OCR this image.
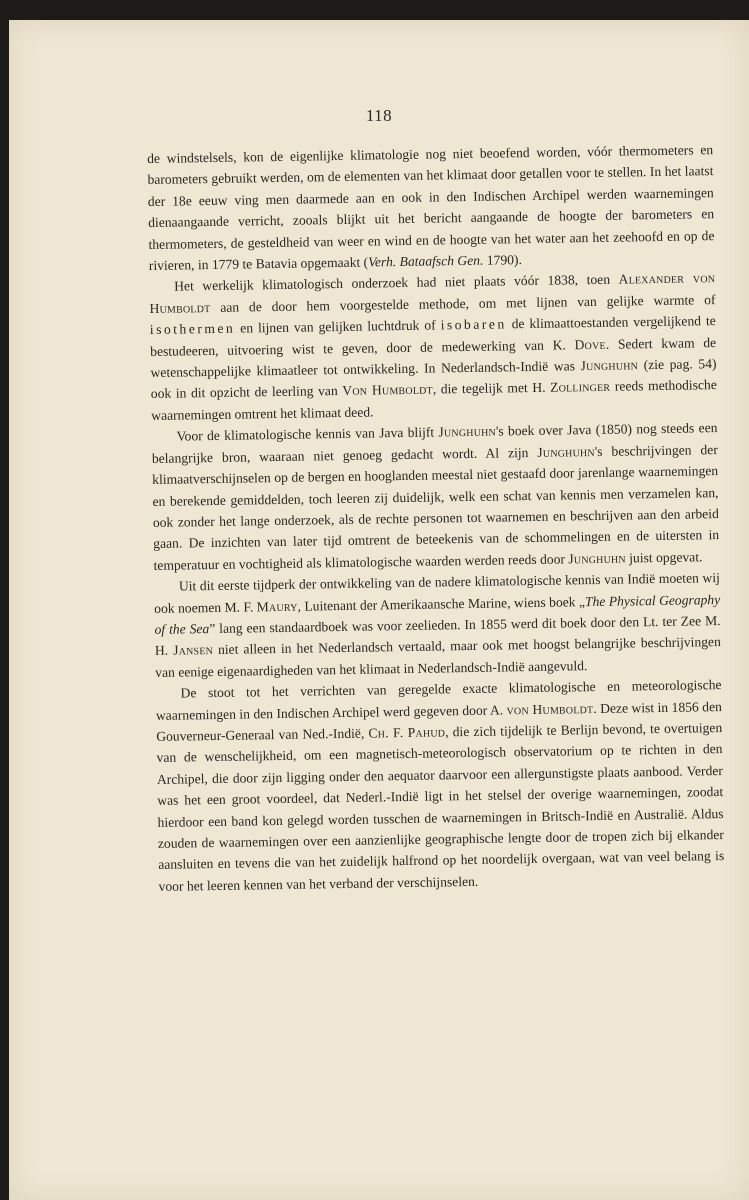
118

de windstelsels, kon de eigenlijke klimatologie nog niet beoefend worden, vóór thermometers en barometers gebruikt werden, om de elementen van het klimaat door getallen voor te stellen. In het laatst der 18e eeuw ving men daarmede aan en ook in den Indischen Archipel werden waarnemingen dienaangaande verricht, zooals blijkt uit het bericht aangaande de hoogte der barometers en thermometers, de gesteldheid van weer en wind en de hoogte van het water aan het zeehoofd en op de rivieren, in 1779 te Batavia opgemaakt (Verh. Bataafsch Gen. 1790).

Het werkelijk klimatologisch onderzoek had niet plaats vóór 1838, toen Alexander von Humboldt aan de door hem voorgestelde methode, om met lijnen van gelijke warmte of isothermen en lijnen van gelijken luchtdruk of isobaren de klimaattoestanden vergelijkend te bestudeeren, uitvoering wist te geven, door de medewerking van K. Dove. Sedert kwam de wetenschappelijke klimaatleer tot ontwikkeling. In Nederlandsch-Indië was Junghuhn (zie pag. 54) ook in dit opzicht de leerling van Von Humboldt, die tegelijk met H. Zollinger reeds methodische waarnemingen omtrent het klimaat deed.

Voor de klimatologische kennis van Java blijft Junghuhn's boek over Java (1850) nog steeds een belangrijke bron, waaraan niet genoeg gedacht wordt. Al zijn Junghuhn's beschrijvingen der klimaatverschijnselen op de bergen en hooglanden meestal niet gestaafd door jarenlange waarnemingen en berekende gemiddelden, toch leeren zij duidelijk, welk een schat van kennis men verzamelen kan, ook zonder het lange onderzoek, als de rechte personen tot waarnemen en beschrijven aan den arbeid gaan. De inzichten van later tijd omtrent de beteekenis van de schommelingen en de uitersten in temperatuur en vochtigheid als klimatologische waarden werden reeds door Junghuhn juist opgevat.

Uit dit eerste tijdperk der ontwikkeling van de nadere klimatologische kennis van Indië moeten wij ook noemen M. F. Maury, Luitenant der Amerikaansche Marine, wiens boek „The Physical Geography of the Sea” lang een standaardboek was voor zeelieden. In 1855 werd dit boek door den Lt. ter Zee M. H. Jansen niet alleen in het Nederlandsch vertaald, maar ook met hoogst belangrijke beschrijvingen van eenige eigenaardigheden van het klimaat in Nederlandsch-Indië aangevuld.

De stoot tot het verrichten van geregelde exacte klimatologische en meteorologische waarnemingen in den Indischen Archipel werd gegeven door A. von Humboldt. Deze wist in 1856 den Gouverneur-Generaal van Ned.-Indië, Ch. F. Pahud, die zich tijdelijk te Berlijn bevond, te overtuigen van de wenschelijkheid, om een magnetisch-meteorologisch observatorium op te richten in den Archipel, die door zijn ligging onder den aequator daarvoor een allergunstigste plaats aanbood. Verder was het een groot voordeel, dat Nederl.-Indië ligt in het stelsel der overige waarnemingen, zoodat hierdoor een band kon gelegd worden tusschen de waarnemingen in Britsch-Indië en Australië. Aldus zouden de waarnemingen over een aanzienlijke geographische lengte door de tropen zich bij elkander aansluiten en tevens die van het zuidelijk halfrond op het noordelijk overgaan, wat van veel belang is voor het leeren kennen van het verband der verschijnselen.
